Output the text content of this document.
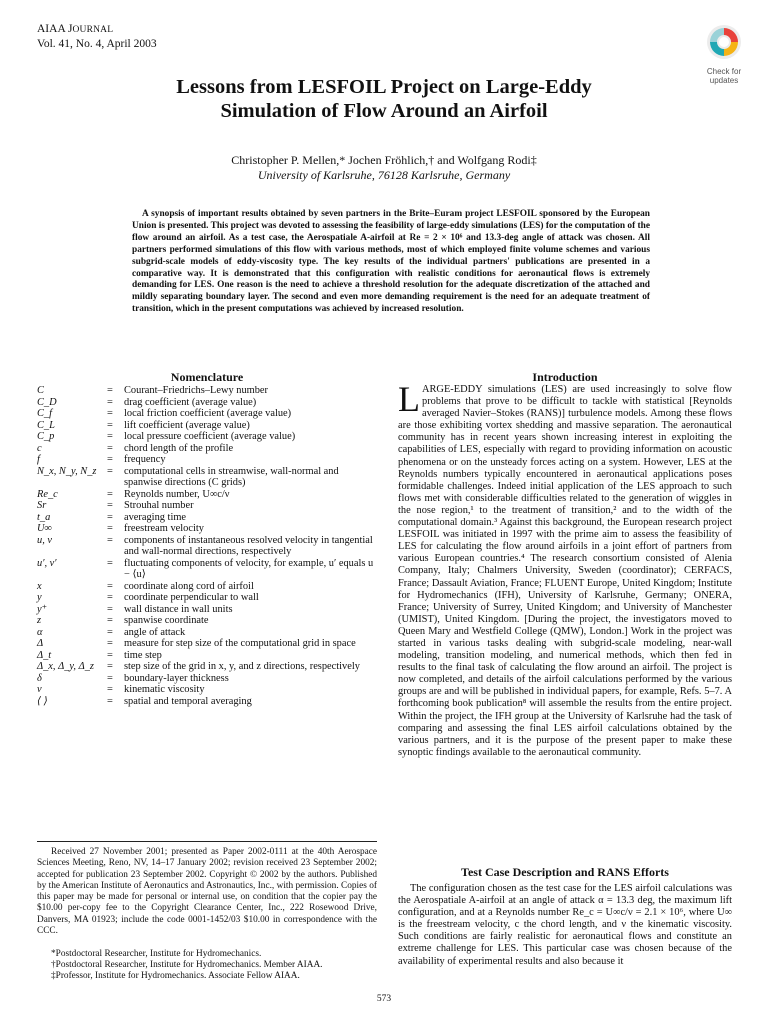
AIAA JOURNAL
Vol. 41, No. 4, April 2003
Check for
updates
Lessons from LESFOIL Project on Large-Eddy
Simulation of Flow Around an Airfoil
Christopher P. Mellen,* Jochen Fröhlich,† and Wolfgang Rodi‡
University of Karlsruhe, 76128 Karlsruhe, Germany
A synopsis of important results obtained by seven partners in the Brite–Euram project LESFOIL sponsored by the European Union is presented. This project was devoted to assessing the feasibility of large-eddy simulations (LES) for the computation of the flow around an airfoil. As a test case, the Aerospatiale A-airfoil at Re = 2 × 10⁶ and 13.3-deg angle of attack was chosen. All partners performed simulations of this flow with various methods, most of which employed finite volume schemes and various subgrid-scale models of eddy-viscosity type. The key results of the individual partners' publications are presented in a comparative way. It is demonstrated that this configuration with realistic conditions for aeronautical flows is extremely demanding for LES. One reason is the need to achieve a threshold resolution for the adequate discretization of the attached and mildly separating boundary layer. The second and even more demanding requirement is the need for an adequate treatment of transition, which in the present computations was achieved by increased resolution.
Nomenclature
C	=	Courant–Friedrichs–Lewy number
C_D	=	drag coefficient (average value)
C_f	=	local friction coefficient (average value)
C_L	=	lift coefficient (average value)
C_p	=	local pressure coefficient (average value)
c	=	chord length of the profile
f	=	frequency
N_x, N_y, N_z	=	computational cells in streamwise, wall-normal and spanwise directions (C grids)
Re_c	=	Reynolds number, U∞c/ν
Sr	=	Strouhal number
t_a	=	averaging time
U∞	=	freestream velocity
u, v	=	components of instantaneous resolved velocity in tangential and wall-normal directions, respectively
u′, v′	=	fluctuating components of velocity, for example, u′ equals u − ⟨u⟩
x	=	coordinate along cord of airfoil
y	=	coordinate perpendicular to wall
y⁺	=	wall distance in wall units
z	=	spanwise coordinate
α	=	angle of attack
Δ	=	measure for step size of the computational grid in space
Δ_t	=	time step
Δ_x, Δ_y, Δ_z	=	step size of the grid in x, y, and z directions, respectively
δ	=	boundary-layer thickness
ν	=	kinematic viscosity
⟨ ⟩	=	spatial and temporal averaging
Introduction
LARGE-EDDY simulations (LES) are used increasingly to solve flow problems that prove to be difficult to tackle with statistical [Reynolds averaged Navier–Stokes (RANS)] turbulence models. Among these flows are those exhibiting vortex shedding and massive separation. The aeronautical community has in recent years shown increasing interest in exploiting the capabilities of LES, especially with regard to providing information on acoustic phenomena or on the unsteady forces acting on a system. However, LES at the Reynolds numbers typically encountered in aeronautical applications poses formidable challenges. Indeed initial application of the LES approach to such flows met with considerable difficulties related to the generation of wiggles in the nose region,¹ to the treatment of transition,² and to the width of the computational domain.³ Against this background, the European research project LESFOIL was initiated in 1997 with the prime aim to assess the feasibility of LES for calculating the flow around airfoils in a joint effort of partners from various European countries.⁴ The research consortium consisted of Alenia Company, Italy; Chalmers University, Sweden (coordinator); CERFACS, France; Dassault Aviation, France; FLUENT Europe, United Kingdom; Institute for Hydromechanics (IFH), University of Karlsruhe, Germany; ONERA, France; University of Surrey, United Kingdom; and University of Manchester (UMIST), United Kingdom. [During the project, the investigators moved to Queen Mary and Westfield College (QMW), London.] Work in the project was started in various tasks dealing with subgrid-scale modeling, near-wall modeling, transition modeling, and numerical methods, which then fed in results to the final task of calculating the flow around an airfoil. The project is now completed, and details of the airfoil calculations performed by the various groups are and will be published in individual papers, for example, Refs. 5–7. A forthcoming book publication⁸ will assemble the results from the entire project. Within the project, the IFH group at the University of Karlsruhe had the task of comparing and assessing the final LES airfoil calculations obtained by the various partners, and it is the purpose of the present paper to make these synoptic findings available to the aeronautical community.
Test Case Description and RANS Efforts
The configuration chosen as the test case for the LES airfoil calculations was the Aerospatiale A-airfoil at an angle of attack α = 13.3 deg, the maximum lift configuration, and at a Reynolds number Re_c = U∞c/ν = 2.1 × 10⁶, where U∞ is the freestream velocity, c the chord length, and ν the kinematic viscosity. Such conditions are fairly realistic for aeronautical flows and constitute an extreme challenge for LES. This particular case was chosen because of the availability of experimental results and also because it
Received 27 November 2001; presented as Paper 2002-0111 at the 40th Aerospace Sciences Meeting, Reno, NV, 14–17 January 2002; revision received 23 September 2002; accepted for publication 23 September 2002. Copyright © 2002 by the authors. Published by the American Institute of Aeronautics and Astronautics, Inc., with permission. Copies of this paper may be made for personal or internal use, on condition that the copier pay the $10.00 per-copy fee to the Copyright Clearance Center, Inc., 222 Rosewood Drive, Danvers, MA 01923; include the code 0001-1452/03 $10.00 in correspondence with the CCC.
*Postdoctoral Researcher, Institute for Hydromechanics.
†Postdoctoral Researcher, Institute for Hydromechanics. Member AIAA.
‡Professor, Institute for Hydromechanics. Associate Fellow AIAA.
573
